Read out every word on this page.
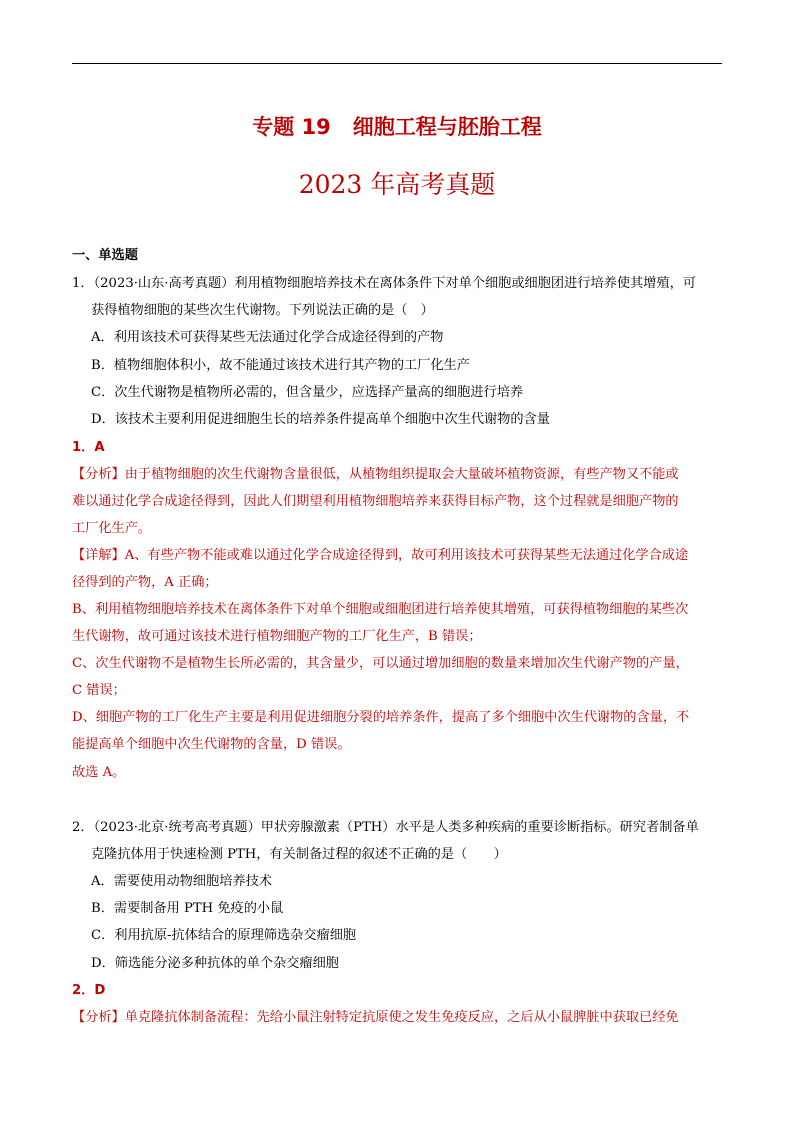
专题 19 细胞工程与胚胎工程
2023 年高考真题
一、单选题
1．（2023·山东·高考真题）利用植物细胞培养技术在离体条件下对单个细胞或细胞团进行培养使其增殖，可
获得植物细胞的某些次生代谢物。下列说法正确的是（　）
A．利用该技术可获得某些无法通过化学合成途径得到的产物
B．植物细胞体积小，故不能通过该技术进行其产物的工厂化生产
C．次生代谢物是植物所必需的，但含量少，应选择产量高的细胞进行培养
D．该技术主要利用促进细胞生长的培养条件提高单个细胞中次生代谢物的含量
1．A
【分析】由于植物细胞的次生代谢物含量很低，从植物组织提取会大量破坏植物资源，有些产物又不能或
难以通过化学合成途径得到，因此人们期望利用植物细胞培养来获得目标产物，这个过程就是细胞产物的
工厂化生产。
【详解】A、有些产物不能或难以通过化学合成途径得到，故可利用该技术可获得某些无法通过化学合成途
径得到的产物，A 正确；
B、利用植物细胞培养技术在离体条件下对单个细胞或细胞团进行培养使其增殖，可获得植物细胞的某些次
生代谢物，故可通过该技术进行植物细胞产物的工厂化生产，B 错误；
C、次生代谢物不是植物生长所必需的，其含量少，可以通过增加细胞的数量来增加次生代谢产物的产量，
C 错误；
D、细胞产物的工厂化生产主要是利用促进细胞分裂的培养条件，提高了多个细胞中次生代谢物的含量，不
能提高单个细胞中次生代谢物的含量，D 错误。
故选 A。
2．（2023·北京·统考高考真题）甲状旁腺激素（PTH）水平是人类多种疾病的重要诊断指标。研究者制备单
克隆抗体用于快速检测 PTH，有关制备过程的叙述不正确的是（　　）
A．需要使用动物细胞培养技术
B．需要制备用 PTH 免疫的小鼠
C．利用抗原-抗体结合的原理筛选杂交瘤细胞
D．筛选能分泌多种抗体的单个杂交瘤细胞
2．D
【分析】单克隆抗体制备流程：先给小鼠注射特定抗原使之发生免疫反应，之后从小鼠脾脏中获取已经免
